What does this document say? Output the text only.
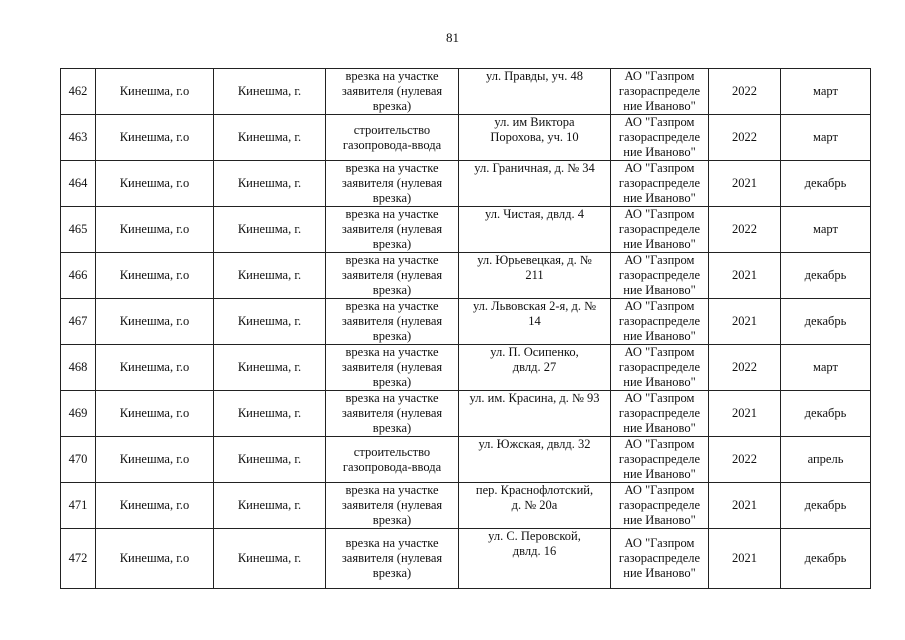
81
462	Кинешма, г.о	Кинешма, г.	врезка на участке
заявителя (нулевая
врезка)	ул. Правды, уч. 48	АО "Газпром
газораспределе
ние Иваново"	2022	март
463	Кинешма, г.о	Кинешма, г.	строительство
газопровода-ввода	ул. им Виктора
Порохова, уч. 10	АО "Газпром
газораспределе
ние Иваново"	2022	март
464	Кинешма, г.о	Кинешма, г.	врезка на участке
заявителя (нулевая
врезка)	ул. Граничная, д. № 34	АО "Газпром
газораспределе
ние Иваново"	2021	декабрь
465	Кинешма, г.о	Кинешма, г.	врезка на участке
заявителя (нулевая
врезка)	ул. Чистая, двлд. 4	АО "Газпром
газораспределе
ние Иваново"	2022	март
466	Кинешма, г.о	Кинешма, г.	врезка на участке
заявителя (нулевая
врезка)	ул. Юрьевецкая, д. №
211	АО "Газпром
газораспределе
ние Иваново"	2021	декабрь
467	Кинешма, г.о	Кинешма, г.	врезка на участке
заявителя (нулевая
врезка)	ул. Львовская 2-я, д. №
14	АО "Газпром
газораспределе
ние Иваново"	2021	декабрь
468	Кинешма, г.о	Кинешма, г.	врезка на участке
заявителя (нулевая
врезка)	ул. П. Осипенко,
двлд. 27	АО "Газпром
газораспределе
ние Иваново"	2022	март
469	Кинешма, г.о	Кинешма, г.	врезка на участке
заявителя (нулевая
врезка)	ул. им. Красина, д. № 93	АО "Газпром
газораспределе
ние Иваново"	2021	декабрь
470	Кинешма, г.о	Кинешма, г.	строительство
газопровода-ввода	ул. Южская, двлд. 32	АО "Газпром
газораспределе
ние Иваново"	2022	апрель
471	Кинешма, г.о	Кинешма, г.	врезка на участке
заявителя (нулевая
врезка)	пер. Краснофлотский,
д. № 20а	АО "Газпром
газораспределе
ние Иваново"	2021	декабрь
472	Кинешма, г.о	Кинешма, г.	врезка на участке
заявителя (нулевая
врезка)	ул. С. Перовской,
двлд. 16	АО "Газпром
газораспределе
ние Иваново"	2021	декабрь
